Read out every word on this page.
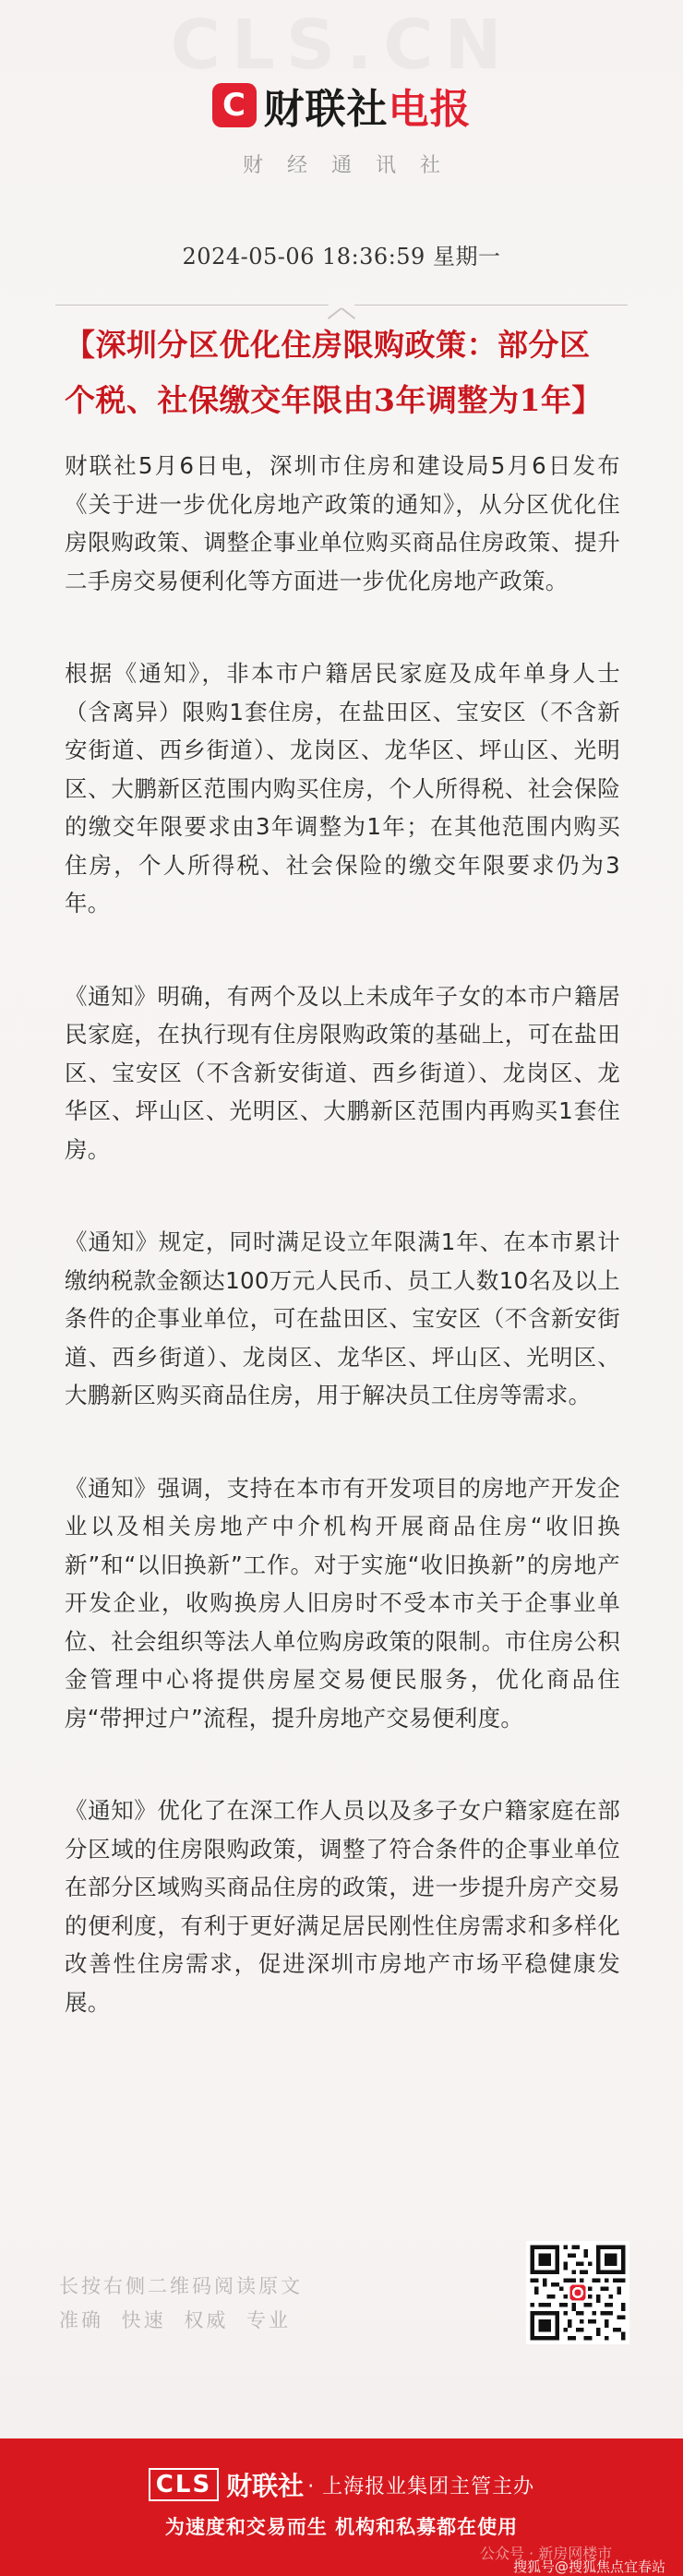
C 财联社 电报
财经通讯社
2024-05-06 18:36:59 星期一
【深圳分区优化住房限购政策：部分区个税、社保缴交年限由3年调整为1年】

财联社5月6日电，深圳市住房和建设局5月6日发布《关于进一步优化房地产政策的通知》，从分区优化住房限购政策、调整企事业单位购买商品住房政策、提升二手房交易便利化等方面进一步优化房地产政策。

根据《通知》，非本市户籍居民家庭及成年单身人士（含离异）限购1套住房，在盐田区、宝安区（不含新安街道、西乡街道）、龙岗区、龙华区、坪山区、光明区、大鹏新区范围内购买住房，个人所得税、社会保险的缴交年限要求由3年调整为1年；在其他范围内购买住房，个人所得税、社会保险的缴交年限要求仍为3年。

《通知》明确，有两个及以上未成年子女的本市户籍居民家庭，在执行现有住房限购政策的基础上，可在盐田区、宝安区（不含新安街道、西乡街道）、龙岗区、龙华区、坪山区、光明区、大鹏新区范围内再购买1套住房。

《通知》规定，同时满足设立年限满1年、在本市累计缴纳税款金额达100万元人民币、员工人数10名及以上条件的企事业单位，可在盐田区、宝安区（不含新安街道、西乡街道）、龙岗区、龙华区、坪山区、光明区、大鹏新区购买商品住房，用于解决员工住房等需求。

《通知》强调，支持在本市有开发项目的房地产开发企业以及相关房地产中介机构开展商品住房“收旧换新”和“以旧换新”工作。对于实施“收旧换新”的房地产开发企业，收购换房人旧房时不受本市关于企事业单位、社会组织等法人单位购房政策的限制。市住房公积金管理中心将提供房屋交易便民服务，优化商品住房“带押过户”流程，提升房地产交易便利度。

《通知》优化了在深工作人员以及多子女户籍家庭在部分区域的住房限购政策，调整了符合条件的企事业单位在部分区域购买商品住房的政策，进一步提升房产交易的便利度，有利于更好满足居民刚性住房需求和多样化改善性住房需求，促进深圳市房地产市场平稳健康发展。

长按右侧二维码阅读原文
准确 快速 权威 专业
CLS 财联社 · 上海报业集团主管主办
为速度和交易而生 机构和私募都在使用
公众号 · 新房网楼市
搜狐号@搜狐焦点宜春站
